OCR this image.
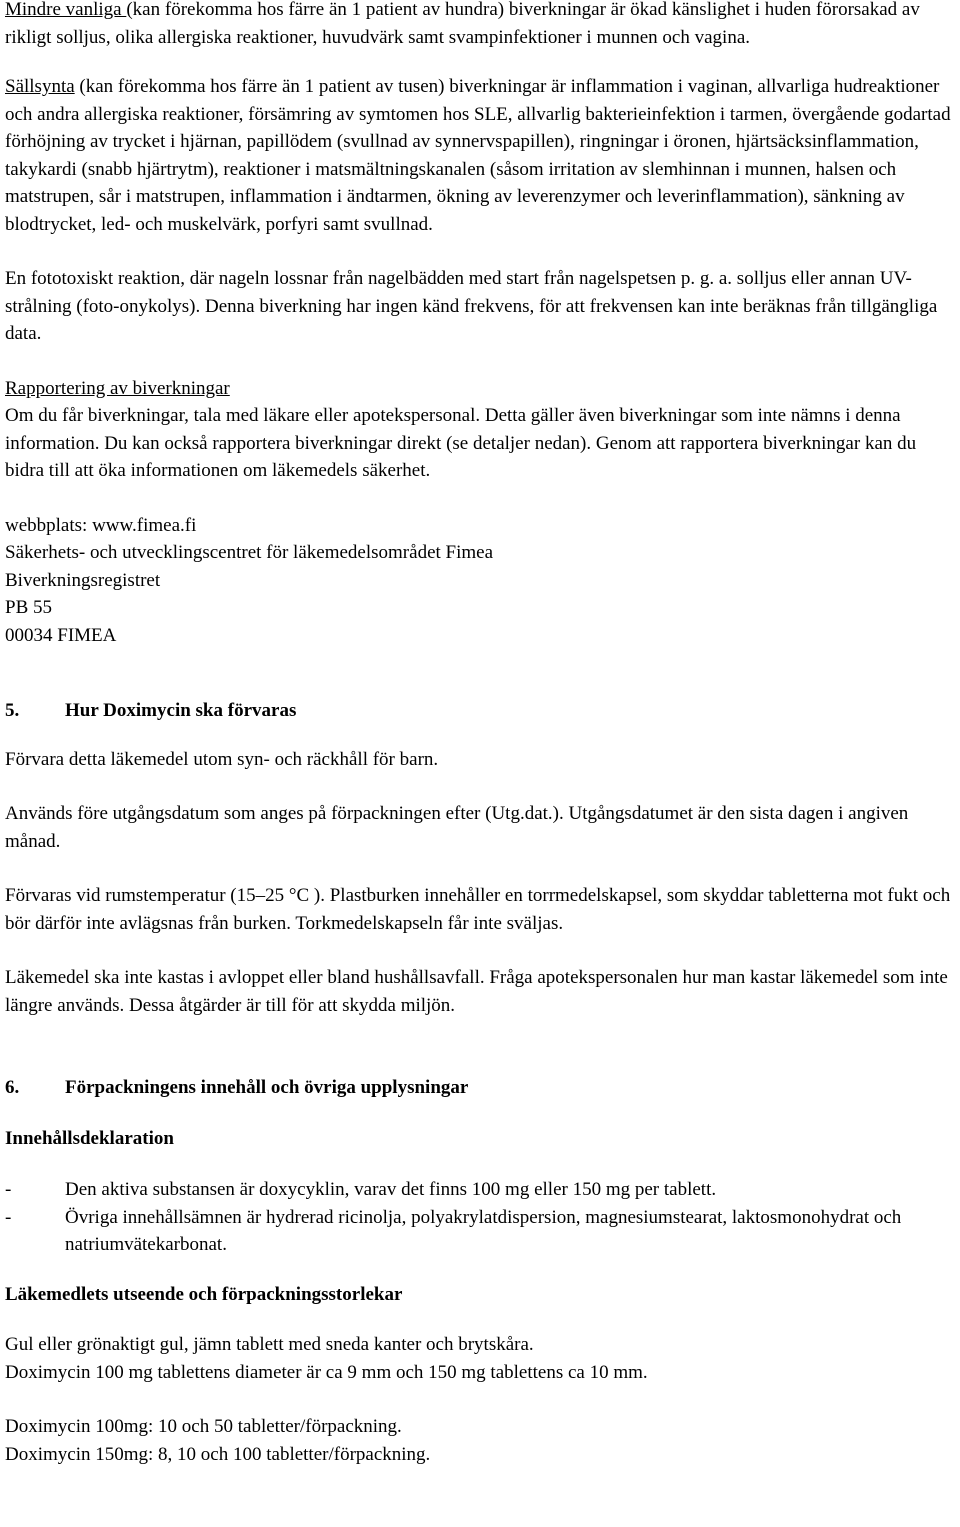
Mindre vanliga (kan förekomma hos färre än 1 patient av hundra) biverkningar är ökad känslighet i huden förorsakad av rikligt solljus, olika allergiska reaktioner, huvudvärk samt svampinfektioner i munnen och vagina.

Sällsynta (kan förekomma hos färre än 1 patient av tusen) biverkningar är inflammation i vaginan, allvarliga hudreaktioner och andra allergiska reaktioner, försämring av symtomen hos SLE, allvarlig bakterieinfektion i tarmen, övergående godartad förhöjning av trycket i hjärnan, papillödem (svullnad av synnervspapillen), ringningar i öronen, hjärtsäcksinflammation, takykardi (snabb hjärtrytm), reaktioner i matsmältningskanalen (såsom irritation av slemhinnan i munnen, halsen och matstrupen, sår i matstrupen, inflammation i ändtarmen, ökning av leverenzymer och leverinflammation), sänkning av blodtrycket, led- och muskelvärk, porfyri samt svullnad.

En fototoxiskt reaktion, där nageln lossnar från nagelbädden med start från nagelspetsen p. g. a. solljus eller annan UV-strålning (foto-onykolys). Denna biverkning har ingen känd frekvens, för att frekvensen kan inte beräknas från tillgängliga data.

Rapportering av biverkningar

Om du får biverkningar, tala med läkare eller apotekspersonal. Detta gäller även biverkningar som inte nämns i denna information. Du kan också rapportera biverkningar direkt (se detaljer nedan). Genom att rapportera biverkningar kan du bidra till att öka informationen om läkemedels säkerhet.

webbplats: www.fimea.fi

Säkerhets- och utvecklingscentret för läkemedelsområdet Fimea

Biverkningsregistret

PB 55

00034 FIMEA

5.	Hur Doximycin ska förvaras

Förvara detta läkemedel utom syn- och räckhåll för barn.

Används före utgångsdatum som anges på förpackningen efter (Utg.dat.). Utgångsdatumet är den sista dagen i angiven månad.

Förvaras vid rumstemperatur (15‒25 °C ). Plastburken innehåller en torrmedelskapsel, som skyddar tabletterna mot fukt och bör därför inte avlägsnas från burken. Torkmedelskapseln får inte sväljas.

Läkemedel ska inte kastas i avloppet eller bland hushållsavfall. Fråga apotekspersonalen hur man kastar läkemedel som inte längre används. Dessa åtgärder är till för att skydda miljön.

6.	Förpackningens innehåll och övriga upplysningar

Innehållsdeklaration

-	Den aktiva substansen är doxycyklin, varav det finns 100 mg eller 150 mg per tablett.
-	Övriga innehållsämnen är hydrerad ricinolja, polyakrylatdispersion, magnesiumstearat, laktosmonohydrat och natriumvätekarbonat.

Läkemedlets utseende och förpackningsstorlekar

Gul eller grönaktigt gul, jämn tablett med sneda kanter och brytskåra.

Doximycin 100 mg tablettens diameter är ca 9 mm och 150 mg tablettens ca 10 mm.

Doximycin 100mg: 10 och 50 tabletter/förpackning.

Doximycin 150mg: 8, 10 och 100 tabletter/förpackning.
